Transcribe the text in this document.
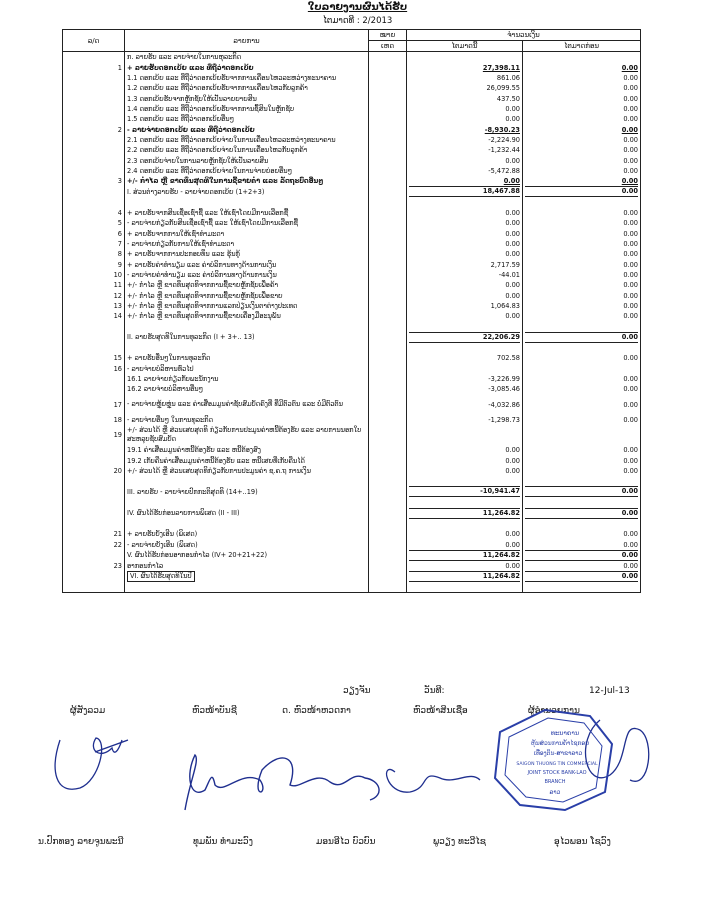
ໃບລາຍງານຜົນໄດ້ຮັບ
ໄຕມາດທີ : 2/2013
ລ/ດ	ລາຍການ	ໝາຍ	ຈຳນວນເງິນ	
		ເຫດ	ໄຕມາດນີ້	ໄຕມາດກ່ອນ
	ກ. ລາຍຮັບ ແລະ ລາຍຈ່າຍໃນການຫຸລະກິດ			
1	+ ລາຍຮັບດອກເບ້ຍ ແລະ ທີ່ຖືວ່າດອກເບ້ຍ		27,398.11	0.00
	1.1 ດອກເບ້ຍ ແລະ ທີ່ຖືວ່າດອກເບ້ຍຮັບຈາກການເຄື່ອນໄຫວລະຫວ່າງທະນາຄານ		861.06	0.00
	1.2 ດອກເບ້ຍ ແລະ ທີ່ຖືວ່າດອກເບ້ຍຮັບຈາກການເຄື່ອນໄຫວກັບລູກຄ້າ		26,099.55	0.00
	1.3 ດອກເບ້ຍຮັບຈາກຫຼັກຊັບໃຫ້ເປັນລາຍຍາຍສິນ		437.50	0.00
	1.4 ດອກເບ້ຍ ແລະ ທີ່ຖືວ່າດອກເບ້ຍຮັບຈາກການຊຶ້ສິນໃນຫຼັກຊັບ		0.00	0.00
	1.5 ດອກເບ້ຍ ແລະ ທີ່ຖືວ່າດອກເບ້ຍອື່ນໆ		0.00	0.00
2	- ລາຍຈ່າຍດອກເບ້ຍ ແລະ ທີ່ຖືວ່າດອກເບ້ຍ		-8,930.23	0.00
	2.1 ດອກເບ້ຍ ແລະ ທີ່ຖືວ່າດອກເບ້ຍຈ່າຍໃນການເຄື່ອນໄຫວລະຫວ່າງທະນາຄານ		-2,224.90	0.00
	2.2 ດອກເບ້ຍ ແລະ ທີ່ຖືວ່າດອກເບ້ຍຈ່າຍໃນການເຄື່ອນໄຫວກັບລູກຄ້າ		-1,232.44	0.00
	2.3 ດອກເບ້ຍຈ່າຍໃນການລາຍຫຼັກຊັບໃຫ້ເປັນລາຍສິນ		0.00	0.00
	2.4 ດອກເບ້ຍ ແລະ ທີ່ຖືວ່າດອກເບ້ຍຈ່າຍໃນການຈ່າຍຍ່ອຍອື່ນໆ		-5,472.88	0.00
3	+/- ກຳໄລ ຫຼື ຂາດທຶນສຸດທິໃນການຊື້ຂາຍຄຳ ແລະ ລັດຖະບົດອື່ນໆ		0.00	0.00
	I. ສ່ວນຕ່າງລາຍຮັບ - ລາຍຈ່າຍດອກເບ້ຍ (1+2+3)		18,467.88	0.00

4	+ ລາຍຮັບຈາກສິນເຊື່ອເຊົ່າຊື້ ແລະ ໃຫ້ເຊົ່າໂດຍມີການເລືອກຊື້		0.00	0.00
5	- ລາຍຈ່າຍກ່ຽວກັບສິນເຊື່ອເຊົ່າຊື້ ແລະ ໃຫ້ເຊົ່າໂດຍມີການເລືອກຊື້		0.00	0.00
6	+ ລາຍຮັບຈາກການໃຫ້ເຊົ່າທຳມະດາ		0.00	0.00
7	- ລາຍຈ່າຍກ່ຽວກັບການໃຫ້ເຊົ່າທຳມະດາ		0.00	0.00
8	+ ລາຍຮັບຈາກການປະກອບທຶນ ແລະ ຮຸ້ນກູ້		0.00	0.00
9	+ ລາຍຮັບຄ່າທຳນຽມ ແລະ ຄ່າບໍລິການທາງດ້ານການເງິນ		2,717.59	0.00
10	- ລາຍຈ່າຍຄ່າທຳນຽມ ແລະ ຄ່າບໍລິການທາງດ້ານການເງິນ		-44.01	0.00
11	+/- ກຳໄລ ຫຼື ຂາດທຶນສຸດທິຈາກການຊື້ຂາຍຫຼັກຊັບເພື່ອຄ້າ		0.00	0.00
12	+/- ກຳໄລ ຫຼື ຂາດທຶນສຸດທິຈາກການຊື້ຂາຍຫຼັກຊັບເພື່ອຂາຍ		0.00	0.00
13	+/- ກຳໄລ ຫຼື ຂາດທຶນສຸດທິຈາກການແລກປ່ຽນເງິນຕາຕ່າງປະເທດ		1,064.83	0.00
14	+/- ກຳໄລ ຫຼື ຂາດທຶນສຸດທິຈາກການຊື້ຂາຍເຄື່ອງມືອະນຸພັນ		0.00	0.00

	II. ລາຍຮັບສຸດທິໃນການທຸລະກິດ (I + 3+.. 13)		22,206.29	0.00

15	+ ລາຍຮັບອື່ນໆໃນການທຸລະກິດ		702.58	0.00
16	- ລາຍຈ່າຍບໍລິຫານທົ່ວໄປ			
	16.1 ລາຍຈ່າຍກ່ຽວກັບພະນັກງານ		-3,226.99	0.00
	16.2 ລາຍຈ່າຍບໍລິຫານອື່ນໆ		-3,085.46	0.00
17	- ລາຍຈ່າຍຫຼຸ້ຍຫຼຸ່ນ ແລະ ຄ່າເສື່ອມມູນຄ່າຊັບສົມບັດຄົງທີ່ ທີ່ມີຕົວຕົນ ແລະ ບໍ່ມີຕົວຕົນ		-4,032.86	0.00
18	- ລາຍຈ່າຍອື່ນໆ ໃນການທຸລະກິດ		-1,298.73	0.00
19	+/- ສ່ວນໄດ້ ຫຼື ສ່ວນເສຍສຸດທິ ກ່ຽວກັບການປະມູນຄ່າຫນີ້ຕ້ອງຮັບ ແລະ ລາຍການນອກໃບສະຫລຸບຊັບສົມບັດ			
	19.1 ຄ່າເສື່ອມມູນຄ່າຫນີ້ຕ້ອງຮັບ ແລະ ຫນີ້ຕ້ອງສົງ		0.00	0.00
	19.2 ເກັບຄືນຄ່າເສື່ອມມູນຄ່າຫນີ້ຕ້ອງຮັບ ແລະ ຫນີ້ເສຍທີ່ເກັບຄືນໄດ້		0.00	0.00
20	+/- ສ່ວນໄດ້ ຫຼື ສ່ວນເສຍສຸດທິກ່ຽວກັບການປະມູນຄ່າ ຊ.ຄ.ຖ ການເງິນ		0.00	0.00

	III. ລາຍຮັບ - ລາຍຈ່າຍປົກກະຕິສຸດທິ (14+..19)		-10,941.47	0.00

	IV. ຜົນໄດ້ຮັບກ່ອນລາຍການພິເສດ (II - III)		11,264.82	0.00

21	+ ລາຍຮັບບັງເອີນ (ພິເສດ)		0.00	0.00
22	- ລາຍຈ່າຍບັງເອີນ (ພິເສດ)		0.00	0.00
	V. ຜົນໄດ້ຮັບກ່ອນອາກອນກຳໄລ (IV+ 20+21+22)		11,264.82	0.00

23	ອາກອນກຳໄລ		0.00	0.00
	VI. ຜົນໄດ້ຮັບສຸດທິໃນປີ		11,264.82	0.00

ວຽງຈັນ	ວັນທີ:	12-Jul-13
ຜູ້ສັງລວມ	ຫົວໜ້າບັນຊີ	ດ. ຫົວໜ້າຫວດກາ	ຫົວໜ້າສິນເຊື່ອ	ຜູ້ອຳນວຍການ
ທະນາຄານ
ຫຸ້ນສ່ວນການຄ້າໄຊກອນ
ເທື່ອງຕິນ-ສາຂາລາວ
SAIGON THUONG TIN COMMERCIAL
JOINT STOCK BANK-LAO
BRANCH
ລາວ
ນ.ປົກທອງ ລາຍຈູນພະນີ	ທຸມພັນ ທໍາມະວົງ	ມອນອີໄວ ບົວບົນ	ພູວຽງ ທະວີໄຊ	ອຸໄວພອນ ໂຊວົງ
